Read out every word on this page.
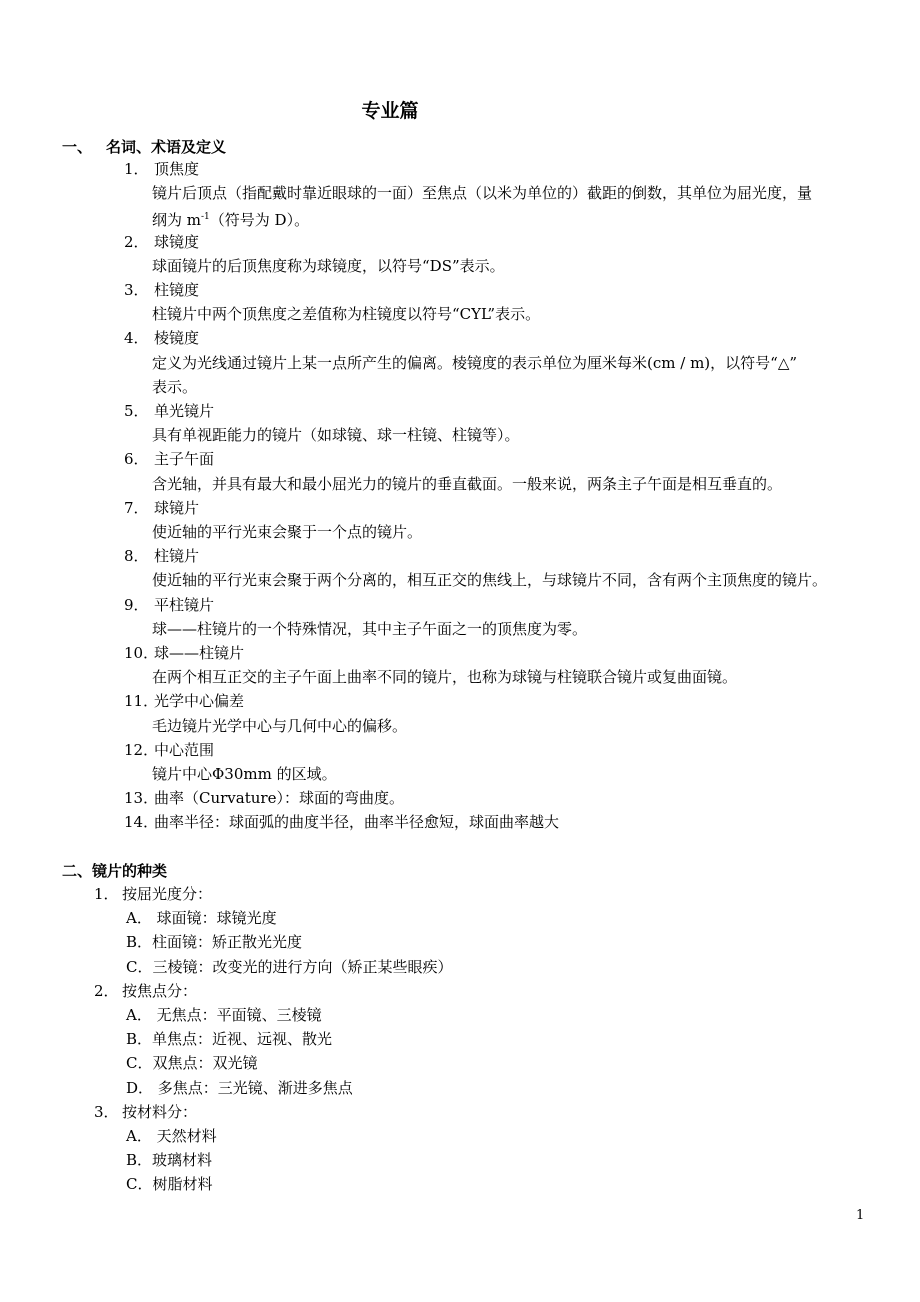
专业篇
一、 名词、术语及定义
1． 顶焦度
镜片后顶点（指配戴时靠近眼球的一面）至焦点（以米为单位的）截距的倒数，其单位为屈光度，量
纲为 $m^{-1}$（符号为 D）。
2． 球镜度
球面镜片的后顶焦度称为球镜度，以符号“DS”表示。
3． 柱镜度
柱镜片中两个顶焦度之差值称为柱镜度以符号“CYL”表示。
4． 棱镜度
定义为光线通过镜片上某一点所产生的偏离。棱镜度的表示单位为厘米每米(cm / m)，以符号“△”
表示。
5． 单光镜片
具有单视距能力的镜片（如球镜、球一柱镜、柱镜等）。
6． 主子午面
含光轴，并具有最大和最小屈光力的镜片的垂直截面。一般来说，两条主子午面是相互垂直的。
7． 球镜片
使近轴的平行光束会聚于一个点的镜片。
8． 柱镜片
使近轴的平行光束会聚于两个分离的，相互正交的焦线上，与球镜片不同，含有两个主顶焦度的镜片。
9． 平柱镜片
球——柱镜片的一个特殊情况，其中主子午面之一的顶焦度为零。
10．球——柱镜片
在两个相互正交的主子午面上曲率不同的镜片，也称为球镜与柱镜联合镜片或复曲面镜。
11．光学中心偏差
毛边镜片光学中心与几何中心的偏移。
12．中心范围
镜片中心Φ30mm 的区域。
13．曲率（Curvature）：球面的弯曲度。
14．曲率半径：球面弧的曲度半径，曲率半径愈短，球面曲率越大
二、镜片的种类
1． 按屈光度分：
A． 球面镜：球镜光度
B．柱面镜：矫正散光光度
C．三棱镜：改变光的进行方向（矫正某些眼疾）
2． 按焦点分：
A． 无焦点：平面镜、三棱镜
B．单焦点：近视、远视、散光
C．双焦点：双光镜
D． 多焦点：三光镜、渐进多焦点
3． 按材料分：
A． 天然材料
B．玻璃材料
C．树脂材料
1
